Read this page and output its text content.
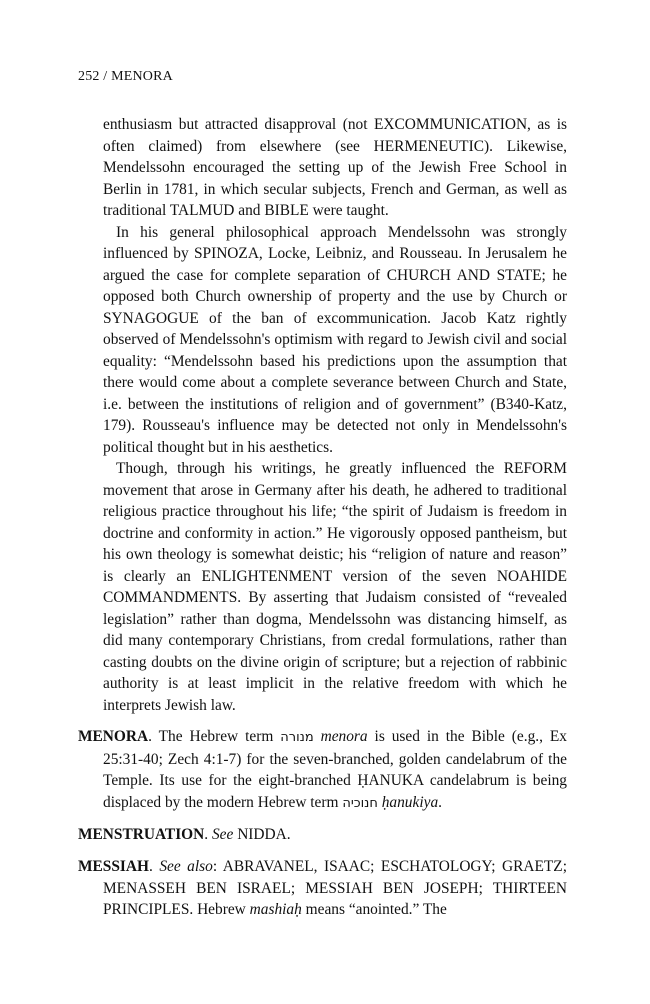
252 / MENORA

enthusiasm but attracted disapproval (not EXCOMMUNICATION, as is often claimed) from elsewhere (see HERMENEUTIC). Likewise, Mendelssohn encouraged the setting up of the Jewish Free School in Berlin in 1781, in which secular subjects, French and German, as well as traditional TALMUD and BIBLE were taught.

In his general philosophical approach Mendelssohn was strongly influenced by SPINOZA, Locke, Leibniz, and Rousseau. In Jerusalem he argued the case for complete separation of CHURCH AND STATE; he opposed both Church ownership of property and the use by Church or SYNAGOGUE of the ban of excommunication. Jacob Katz rightly observed of Mendelssohn's optimism with regard to Jewish civil and social equality: “Mendelssohn based his predictions upon the assumption that there would come about a complete severance between Church and State, i.e. between the institutions of religion and of government” (B340-Katz, 179). Rousseau's influence may be detected not only in Mendelssohn's political thought but in his aesthetics.

Though, through his writings, he greatly influenced the REFORM movement that arose in Germany after his death, he adhered to traditional religious practice throughout his life; “the spirit of Judaism is freedom in doctrine and conformity in action.” He vigorously opposed pantheism, but his own theology is somewhat deistic; his “religion of nature and reason” is clearly an ENLIGHTENMENT version of the seven NOAHIDE COMMANDMENTS. By asserting that Judaism consisted of “revealed legislation” rather than dogma, Mendelssohn was distancing himself, as did many contemporary Christians, from credal formulations, rather than casting doubts on the divine origin of scripture; but a rejection of rabbinic authority is at least implicit in the relative freedom with which he interprets Jewish law.

MENORA. The Hebrew term מנורה menora is used in the Bible (e.g., Ex 25:31-40; Zech 4:1-7) for the seven-branched, golden candelabrum of the Temple. Its use for the eight-branched ḤANUKA candelabrum is being displaced by the modern Hebrew term חנוכיה ḥanukiya.

MENSTRUATION. See NIDDA.

MESSIAH. See also: ABRAVANEL, ISAAC; ESCHATOLOGY; GRAETZ; MENASSEH BEN ISRAEL; MESSIAH BEN JOSEPH; THIRTEEN PRINCIPLES. Hebrew mashiaḥ means “anointed.” The
